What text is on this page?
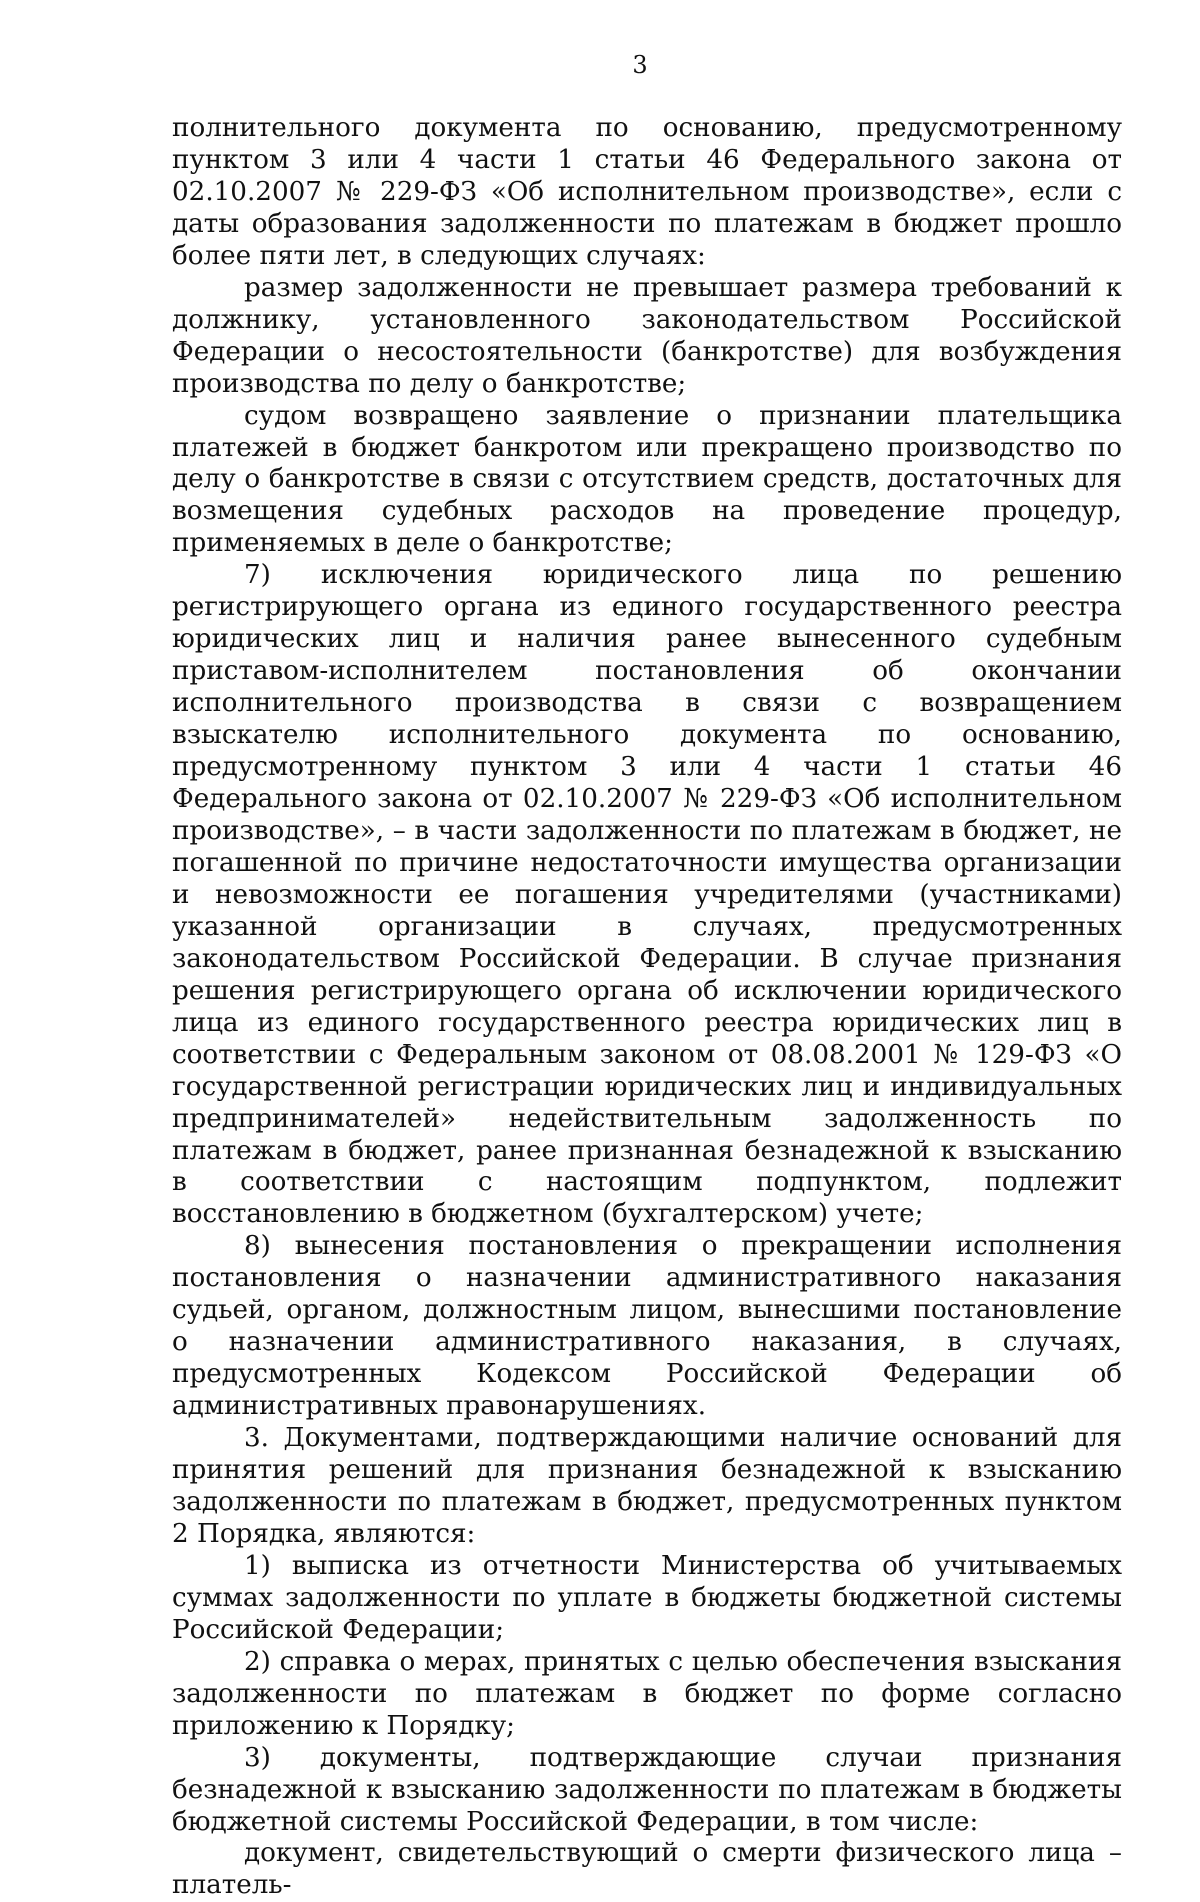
3

полнительного документа по основанию, предусмотренному пунктом 3 или 4 части 1 статьи 46 Федерального закона от 02.10.2007 № 229-ФЗ «Об исполнительном производстве», если с даты образования задолженности по платежам в бюджет прошло более пяти лет, в следующих случаях:

размер задолженности не превышает размера требований к должнику, установленного законодательством Российской Федерации о несостоятельности (банкротстве) для возбуждения производства по делу о банкротстве;

судом возвращено заявление о признании плательщика платежей в бюджет банкротом или прекращено производство по делу о банкротстве в связи с отсутствием средств, достаточных для возмещения судебных расходов на проведение процедур, применяемых в деле о банкротстве;

7) исключения юридического лица по решению регистрирующего органа из единого государственного реестра юридических лиц и наличия ранее вынесенного судебным приставом-исполнителем постановления об окончании исполнительного производства в связи с возвращением взыскателю исполнительного документа по основанию, предусмотренному пунктом 3 или 4 части 1 статьи 46 Федерального закона от 02.10.2007 № 229-ФЗ «Об исполнительном производстве», – в части задолженности по платежам в бюджет, не погашенной по причине недостаточности имущества организации и невозможности ее погашения учредителями (участниками) указанной организации в случаях, предусмотренных законодательством Российской Федерации. В случае признания решения регистрирующего органа об исключении юридического лица из единого государственного реестра юридических лиц в соответствии с Федеральным законом от 08.08.2001 № 129-ФЗ «О государственной регистрации юридических лиц и индивидуальных предпринимателей» недействительным задолженность по платежам в бюджет, ранее признанная безнадежной к взысканию в соответствии с настоящим подпунктом, подлежит восстановлению в бюджетном (бухгалтерском) учете;

8) вынесения постановления о прекращении исполнения постановления о назначении административного наказания судьей, органом, должностным лицом, вынесшими постановление о назначении административного наказания, в случаях, предусмотренных Кодексом Российской Федерации об административных правонарушениях.

3. Документами, подтверждающими наличие оснований для принятия решений для признания безнадежной к взысканию задолженности по платежам в бюджет, предусмотренных пунктом 2 Порядка, являются:

1) выписка из отчетности Министерства об учитываемых суммах задолженности по уплате в бюджеты бюджетной системы Российской Федерации;

2) справка о мерах, принятых с целью обеспечения взыскания задолженности по платежам в бюджет по форме согласно приложению к Порядку;

3) документы, подтверждающие случаи признания безнадежной к взысканию задолженности по платежам в бюджеты бюджетной системы Российской Федерации, в том числе:

документ, свидетельствующий о смерти физического лица – платель-
